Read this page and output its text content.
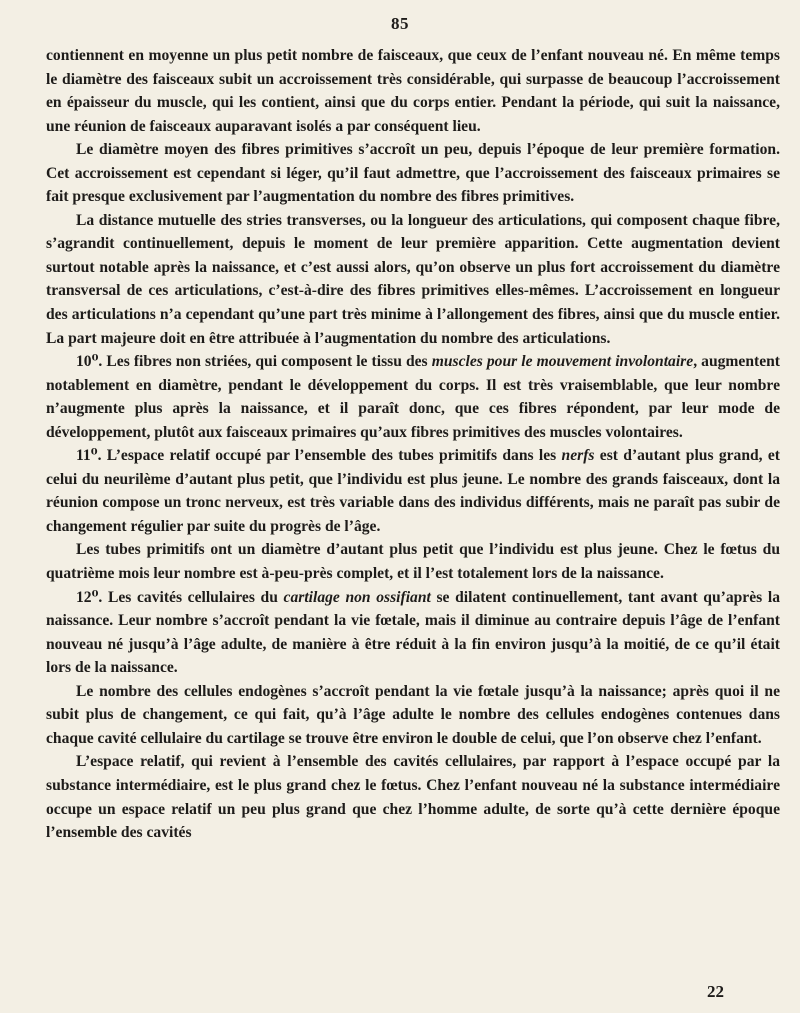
85

contiennent en moyenne un plus petit nombre de faisceaux, que ceux de l’enfant nouveau né. En même temps le diamètre des faisceaux subit un accroissement très considérable, qui surpasse de beaucoup l’accroissement en épaisseur du muscle, qui les contient, ainsi que du corps entier. Pendant la période, qui suit la naissance, une réunion de faisceaux auparavant isolés a par conséquent lieu.

Le diamètre moyen des fibres primitives s’accroît un peu, depuis l’époque de leur première formation. Cet accroissement est cependant si léger, qu’il faut admettre, que l’accroissement des faisceaux primaires se fait presque exclusivement par l’augmentation du nombre des fibres primitives.

La distance mutuelle des stries transverses, ou la longueur des articulations, qui composent chaque fibre, s’agrandit continuellement, depuis le moment de leur première apparition. Cette augmentation devient surtout notable après la naissance, et c’est aussi alors, qu’on observe un plus fort accroissement du diamètre transversal de ces articulations, c’est-à-dire des fibres primitives elles-mêmes. L’accroissement en longueur des articulations n’a cependant qu’une part très minime à l’allongement des fibres, ainsi que du muscle entier. La part majeure doit en être attribuée à l’augmentation du nombre des articulations.

10⁰. Les fibres non striées, qui composent le tissu des muscles pour le mouvement involontaire, augmentent notablement en diamètre, pendant le développement du corps. Il est très vraisemblable, que leur nombre n’augmente plus après la naissance, et il paraît donc, que ces fibres répondent, par leur mode de développement, plutôt aux faisceaux primaires qu’aux fibres primitives des muscles volontaires.

11⁰. L’espace relatif occupé par l’ensemble des tubes primitifs dans les nerfs est d’autant plus grand, et celui du neurilème d’autant plus petit, que l’individu est plus jeune. Le nombre des grands faisceaux, dont la réunion compose un tronc nerveux, est très variable dans des individus différents, mais ne paraît pas subir de changement régulier par suite du progrès de l’âge.

Les tubes primitifs ont un diamètre d’autant plus petit que l’individu est plus jeune. Chez le fœtus du quatrième mois leur nombre est à-peu-près complet, et il l’est totalement lors de la naissance.

12⁰. Les cavités cellulaires du cartilage non ossifiant se dilatent continuellement, tant avant qu’après la naissance. Leur nombre s’accroît pendant la vie fœtale, mais il diminue au contraire depuis l’âge de l’enfant nouveau né jusqu’à l’âge adulte, de manière à être réduit à la fin environ jusqu’à la moitié, de ce qu’il était lors de la naissance.

Le nombre des cellules endogènes s’accroît pendant la vie fœtale jusqu’à la naissance; après quoi il ne subit plus de changement, ce qui fait, qu’à l’âge adulte le nombre des cellules endogènes contenues dans chaque cavité cellulaire du cartilage se trouve être environ le double de celui, que l’on observe chez l’enfant.

L’espace relatif, qui revient à l’ensemble des cavités cellulaires, par rapport à l’espace occupé par la substance intermédiaire, est le plus grand chez le fœtus. Chez l’enfant nouveau né la substance intermédiaire occupe un espace relatif un peu plus grand que chez l’homme adulte, de sorte qu’à cette dernière époque l’ensemble des cavités

22
